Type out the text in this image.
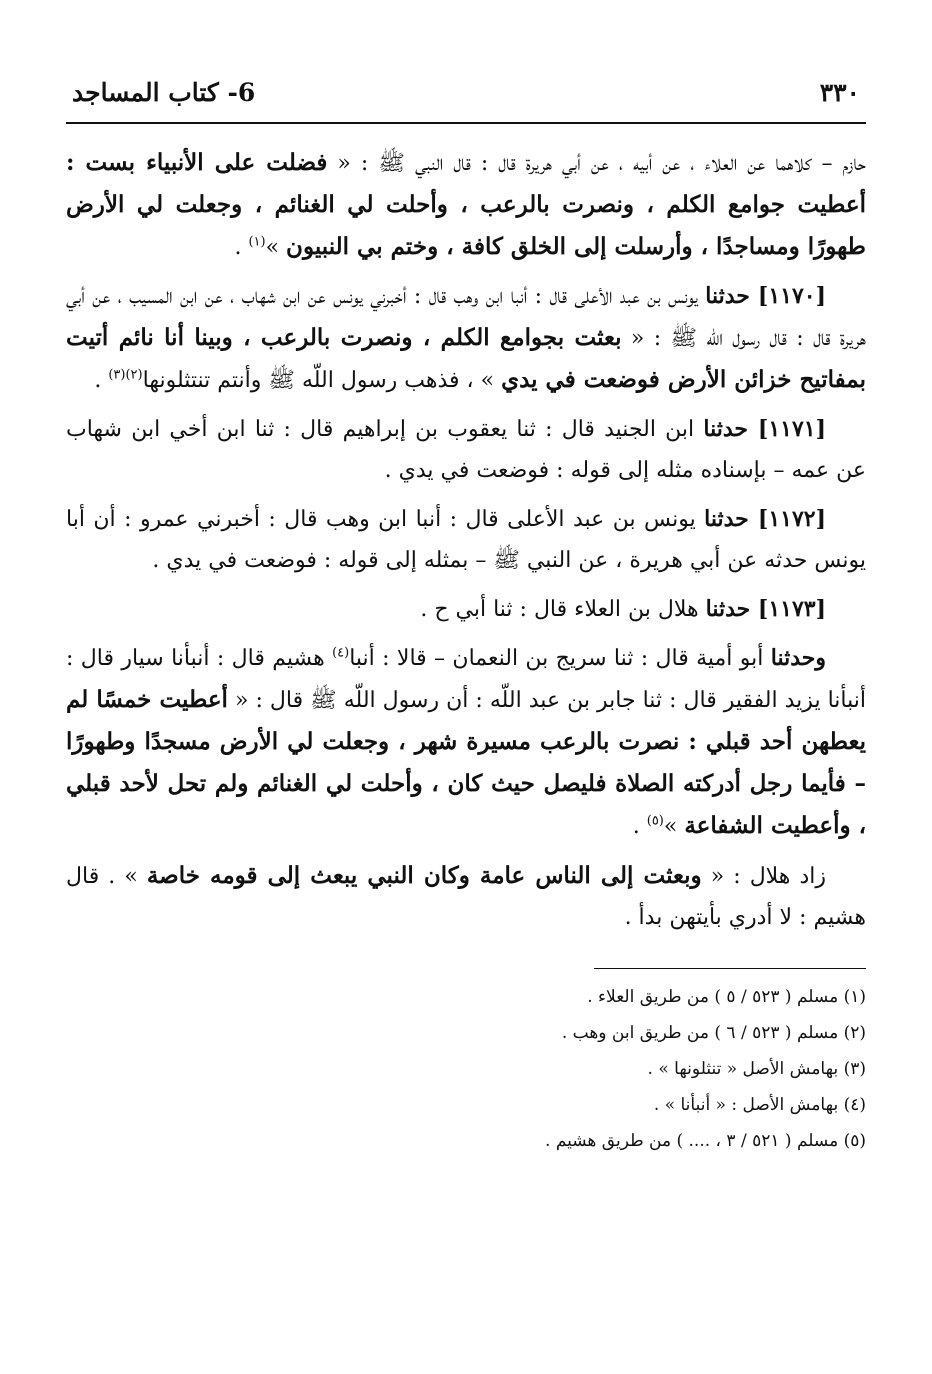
٣٣٠
6- كتاب المساجد

حازم – كلاهما عن العلاء ، عن أبيه ، عن أبي هريرة قال : قال النبي ﷺ : « فضلت على الأنبياء بست : أعطيت جوامع الكلم ، ونصرت بالرعب ، وأحلت لي الغنائم ، وجعلت لي الأرض طهورًا ومساجدًا ، وأرسلت إلى الخلق كافة ، وختم بي النبيون »$^{(١)}$ .

[١١٧٠] حدثنا يونس بن عبد الأعلى قال : أنبا ابن وهب قال : أخبرني يونس عن ابن شهاب ، عن ابن المسيب ، عن أبي هريرة قال : قال رسول اللّه ﷺ : « بعثت بجوامع الكلم ، ونصرت بالرعب ، وبينا أنا نائم أتيت بمفاتيح خزائن الأرض فوضعت في يدي » ، فذهب رسول اللّه ﷺ وأنتم تنتثلونها$^{(٢)(٣)}$ .

[١١٧١] حدثنا ابن الجنيد قال : ثنا يعقوب بن إبراهيم قال : ثنا ابن أخي ابن شهاب عن عمه – بإسناده مثله إلى قوله : فوضعت في يدي .

[١١٧٢] حدثنا يونس بن عبد الأعلى قال : أنبا ابن وهب قال : أخبرني عمرو : أن أبا يونس حدثه عن أبي هريرة ، عن النبي ﷺ – بمثله إلى قوله : فوضعت في يدي .

[١١٧٣] حدثنا هلال بن العلاء قال : ثنا أبي ح .

وحدثنا أبو أمية قال : ثنا سريج بن النعمان – قالا : أنبا$^{(٤)}$ هشيم قال : أنبأنا سيار قال : أنبأنا يزيد الفقير قال : ثنا جابر بن عبد اللّه : أن رسول اللّه ﷺ قال : « أعطيت خمسًا لم يعطهن أحد قبلي : نصرت بالرعب مسيرة شهر ، وجعلت لي الأرض مسجدًا وطهورًا – فأيما رجل أدركته الصلاة فليصل حيث كان ، وأحلت لي الغنائم ولم تحل لأحد قبلي ، وأعطيت الشفاعة »$^{(٥)}$ .

زاد هلال : « وبعثت إلى الناس عامة وكان النبي يبعث إلى قومه خاصة » . قال هشيم : لا أدري بأيتهن بدأ .

(١) مسلم ( ٥٢٣ / ٥ ) من طريق العلاء .

(٢) مسلم ( ٥٢٣ / ٦ ) من طريق ابن وهب .

(٣) بهامش الأصل « تنثلونها » .

(٤) بهامش الأصل : « أنبأنا » .

(٥) مسلم ( ٥٢١ / ٣ ، .... ) من طريق هشيم .
